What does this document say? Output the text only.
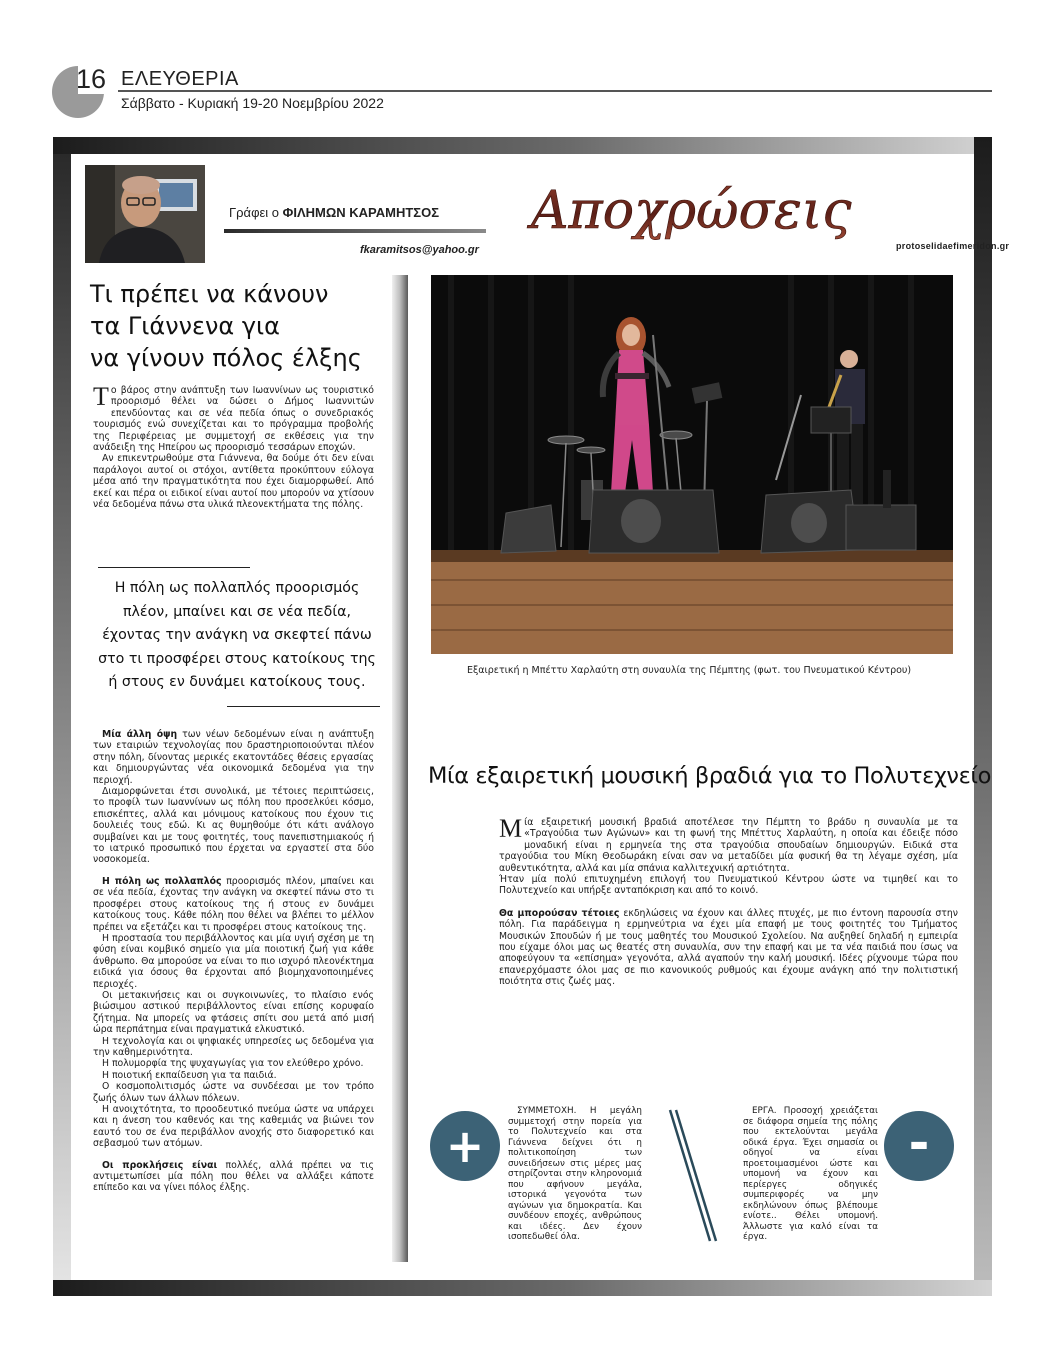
16 ΕΛΕΥΘΕΡΙΑ
Σάββατο - Κυριακή 19-20 Νοεμβρίου 2022
Γράφει ο ΦΙΛΗΜΩΝ ΚΑΡΑΜΗΤΣΟΣ
fkaramitsos@yahoo.gr
Αποχρώσεις
protoselidaefimeridon.gr
Τι πρέπει να κάνουν
τα Γιάννενα για
να γίνουν πόλος έλξης

Το βάρος στην ανάπτυξη των Ιωαννίνων ως τουριστικό προορισμό θέλει να δώσει ο Δήμος Ιωαννιτών επενδύοντας και σε νέα πεδία όπως ο συνεδριακός τουρισμός ενώ συνεχίζεται και το πρόγραμμα προβολής της Περιφέρειας με συμμετοχή σε εκθέσεις για την ανάδειξη της Ηπείρου ως προορισμό τεσσάρων εποχών.

Αν επικεντρωθούμε στα Γιάννενα, θα δούμε ότι δεν είναι παράλογοι αυτοί οι στόχοι, αντίθετα προκύπτουν εύλογα μέσα από την πραγματικότητα που έχει διαμορφωθεί. Από εκεί και πέρα οι ειδικοί είναι αυτοί που μπορούν να χτίσουν νέα δεδομένα πάνω στα υλικά πλεονεκτήματα της πόλης.

Η πόλη ως πολλαπλός προορισμός πλέον, μπαίνει και σε νέα πεδία, έχοντας την ανάγκη να σκεφτεί πάνω στο τι προσφέρει στους κατοίκους της ή στους εν δυνάμει κατοίκους τους.

Μία άλλη όψη των νέων δεδομένων είναι η ανάπτυξη των εταιριών τεχνολογίας που δραστηριοποιούνται πλέον στην πόλη, δίνοντας μερικές εκατοντάδες θέσεις εργασίας και δημιουργώντας νέα οικονομικά δεδομένα για την περιοχή.

Διαμορφώνεται έτσι συνολικά, με τέτοιες περιπτώσεις, το προφίλ των Ιωαννίνων ως πόλη που προσελκύει κόσμο, επισκέπτες, αλλά και μόνιμους κατοίκους που έχουν τις δουλειές τους εδώ. Κι ας θυμηθούμε ότι κάτι ανάλογο συμβαίνει και με τους φοιτητές, τους πανεπιστημιακούς ή το ιατρικό προσωπικό που έρχεται να εργαστεί στα δύο νοσοκομεία.

Η πόλη ως πολλαπλός προορισμός πλέον, μπαίνει και σε νέα πεδία, έχοντας την ανάγκη να σκεφτεί πάνω στο τι προσφέρει στους κατοίκους της ή στους εν δυνάμει κατοίκους τους. Κάθε πόλη που θέλει να βλέπει το μέλλον πρέπει να εξετάζει και τι προσφέρει στους κατοίκους της.

Η προστασία του περιβάλλοντος και μία υγιή σχέση με τη φύση είναι κομβικό σημείο για μία ποιοτική ζωή για κάθε άνθρωπο. Θα μπορούσε να είναι το πιο ισχυρό πλεονέκτημα ειδικά για όσους θα έρχονται από βιομηχανοποιημένες περιοχές.

Οι μετακινήσεις και οι συγκοινωνίες, το πλαίσιο ενός βιώσιμου αστικού περιβάλλοντος είναι επίσης κορυφαίο ζήτημα. Να μπορείς να φτάσεις σπίτι σου μετά από μισή ώρα περπάτημα είναι πραγματικά ελκυστικό.

Η τεχνολογία και οι ψηφιακές υπηρεσίες ως δεδομένα για την καθημερινότητα.

Η πολυμορφία της ψυχαγωγίας για τον ελεύθερο χρόνο.

Η ποιοτική εκπαίδευση για τα παιδιά.

Ο κοσμοπολιτισμός ώστε να συνδέεσαι με τον τρόπο ζωής όλων των άλλων πόλεων.

Η ανοιχτότητα, το προοδευτικό πνεύμα ώστε να υπάρχει και η άνεση του καθενός και της καθεμιάς να βιώνει τον εαυτό του σε ένα περιβάλλον ανοχής στο διαφορετικό και σεβασμού των ατόμων.

Οι προκλήσεις είναι πολλές, αλλά πρέπει να τις αντιμετωπίσει μία πόλη που θέλει να αλλάξει κάποτε επίπεδο και να γίνει πόλος έλξης.

Εξαιρετική η Μπέττυ Χαρλαύτη στη συναυλία της Πέμπτης (φωτ. του Πνευματικού Κέντρου)
Μία εξαιρετική μουσική βραδιά για το Πολυτεχνείο

Μία εξαιρετική μουσική βραδιά αποτέλεσε την Πέμπτη το βράδυ η συναυλία με τα «Τραγούδια των Αγώνων» και τη φωνή της Μπέττυς Χαρλαύτη, η οποία και έδειξε πόσο μοναδική είναι η ερμηνεία της στα τραγούδια σπουδαίων δημιουργών. Ειδικά στα τραγούδια του Μίκη Θεοδωράκη είναι σαν να μεταδίδει μία φυσική θα τη λέγαμε σχέση, μία αυθεντικότητα, αλλά και μία σπάνια καλλιτεχνική αρτιότητα.

Ήταν μία πολύ επιτυχημένη επιλογή του Πνευματικού Κέντρου ώστε να τιμηθεί και το Πολυτεχνείο και υπήρξε ανταπόκριση και από το κοινό.

Θα μπορούσαν τέτοιες εκδηλώσεις να έχουν και άλλες πτυχές, με πιο έντονη παρουσία στην πόλη. Για παράδειγμα η ερμηνεύτρια να έχει μία επαφή με τους φοιτητές του Τμήματος Μουσικών Σπουδών ή με τους μαθητές του Μουσικού Σχολείου. Να αυξηθεί δηλαδή η εμπειρία που είχαμε όλοι μας ως θεατές στη συναυλία, συν την επαφή και με τα νέα παιδιά που ίσως να αποφεύγουν τα «επίσημα» γεγονότα, αλλά αγαπούν την καλή μουσική. Ιδέες ρίχνουμε τώρα που επανερχόμαστε όλοι μας σε πιο κανονικούς ρυθμούς και έχουμε ανάγκη από την πολιτιστική ποιότητα στις ζωές μας.

+

ΣΥΜΜΕΤΟΧΗ. Η μεγάλη συμμετοχή στην πορεία για το Πολυτεχνείο και στα Γιάννενα δείχνει ότι η πολιτικοποίηση των συνειδήσεων στις μέρες μας στηρίζονται στην κληρονομιά που αφήνουν μεγάλα, ιστορικά γεγονότα των αγώνων για δημοκρατία. Και συνδέουν εποχές, ανθρώπους και ιδέες. Δεν έχουν ισοπεδωθεί όλα.

-

ΕΡΓΑ. Προσοχή χρειάζεται σε διάφορα σημεία της πόλης που εκτελούνται μεγάλα οδικά έργα. Έχει σημασία οι οδηγοί να είναι προετοιμασμένοι ώστε και υπομονή να έχουν και περίεργες οδηγικές συμπεριφορές να μην εκδηλώνουν όπως βλέπουμε ενίοτε.. Θέλει υπομονή. Άλλωστε για καλό είναι τα έργα.
